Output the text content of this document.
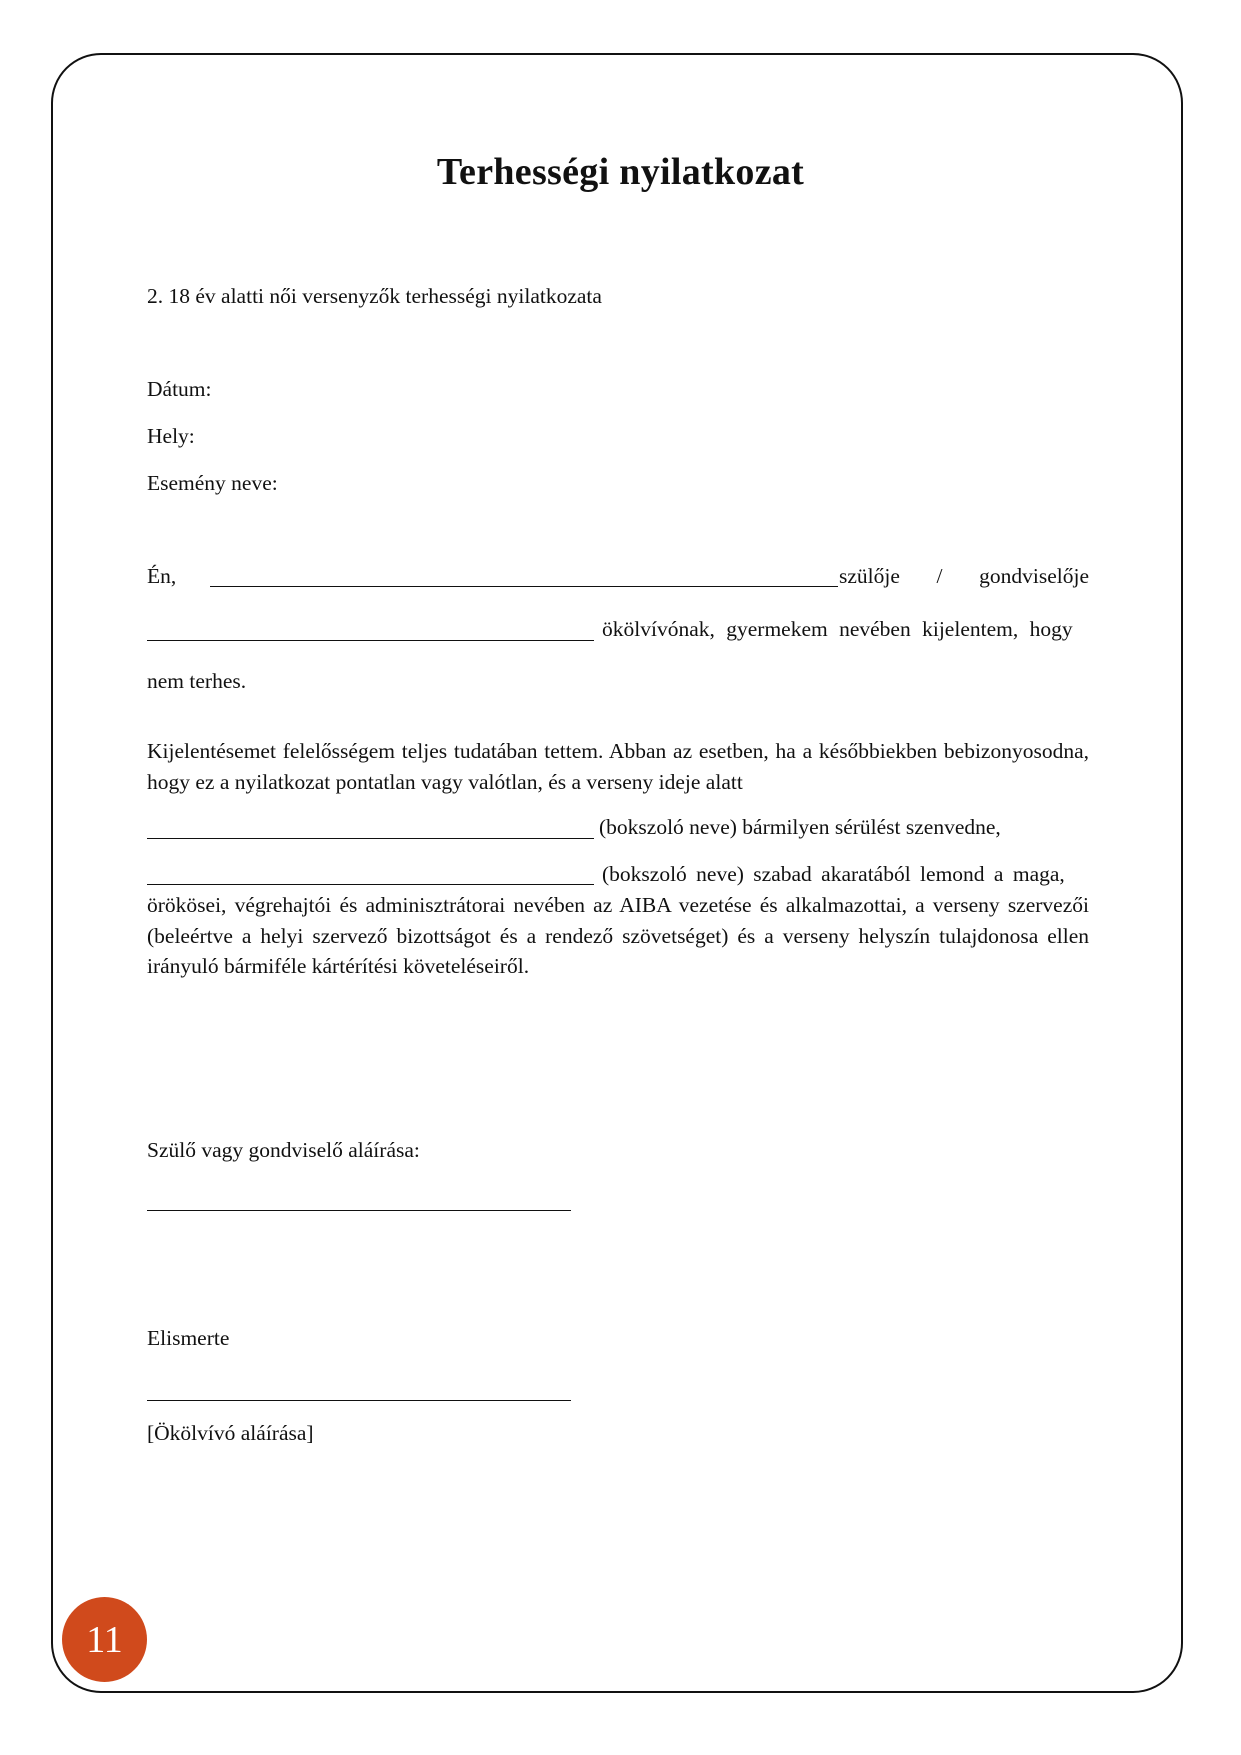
Terhességi nyilatkozat
2. 18 év alatti női versenyzők terhességi nyilatkozata
Dátum:
Hely:
Esemény neve:
Én,	szülője / gondviselője
ökölvívónak, gyermekem nevében kijelentem, hogy
nem terhes.
Kijelentésemet felelősségem teljes tudatában tettem. Abban az esetben, ha a későbbiekben bebizonyosodna, hogy ez a nyilatkozat pontatlan vagy valótlan, és a verseny ideje alatt
(bokszoló neve) bármilyen sérülést szenvedne,
(bokszoló neve) szabad akaratából lemond a maga,
örökösei, végrehajtói és adminisztrátorai nevében az AIBA vezetése és alkalmazottai, a verseny szervezői (beleértve a helyi szervező bizottságot és a rendező szövetséget) és a verseny helyszín tulajdonosa ellen irányuló bármiféle kártérítési követeléseiről.
Szülő vagy gondviselő aláírása:
Elismerte
[Ökölvívó aláírása]
11
